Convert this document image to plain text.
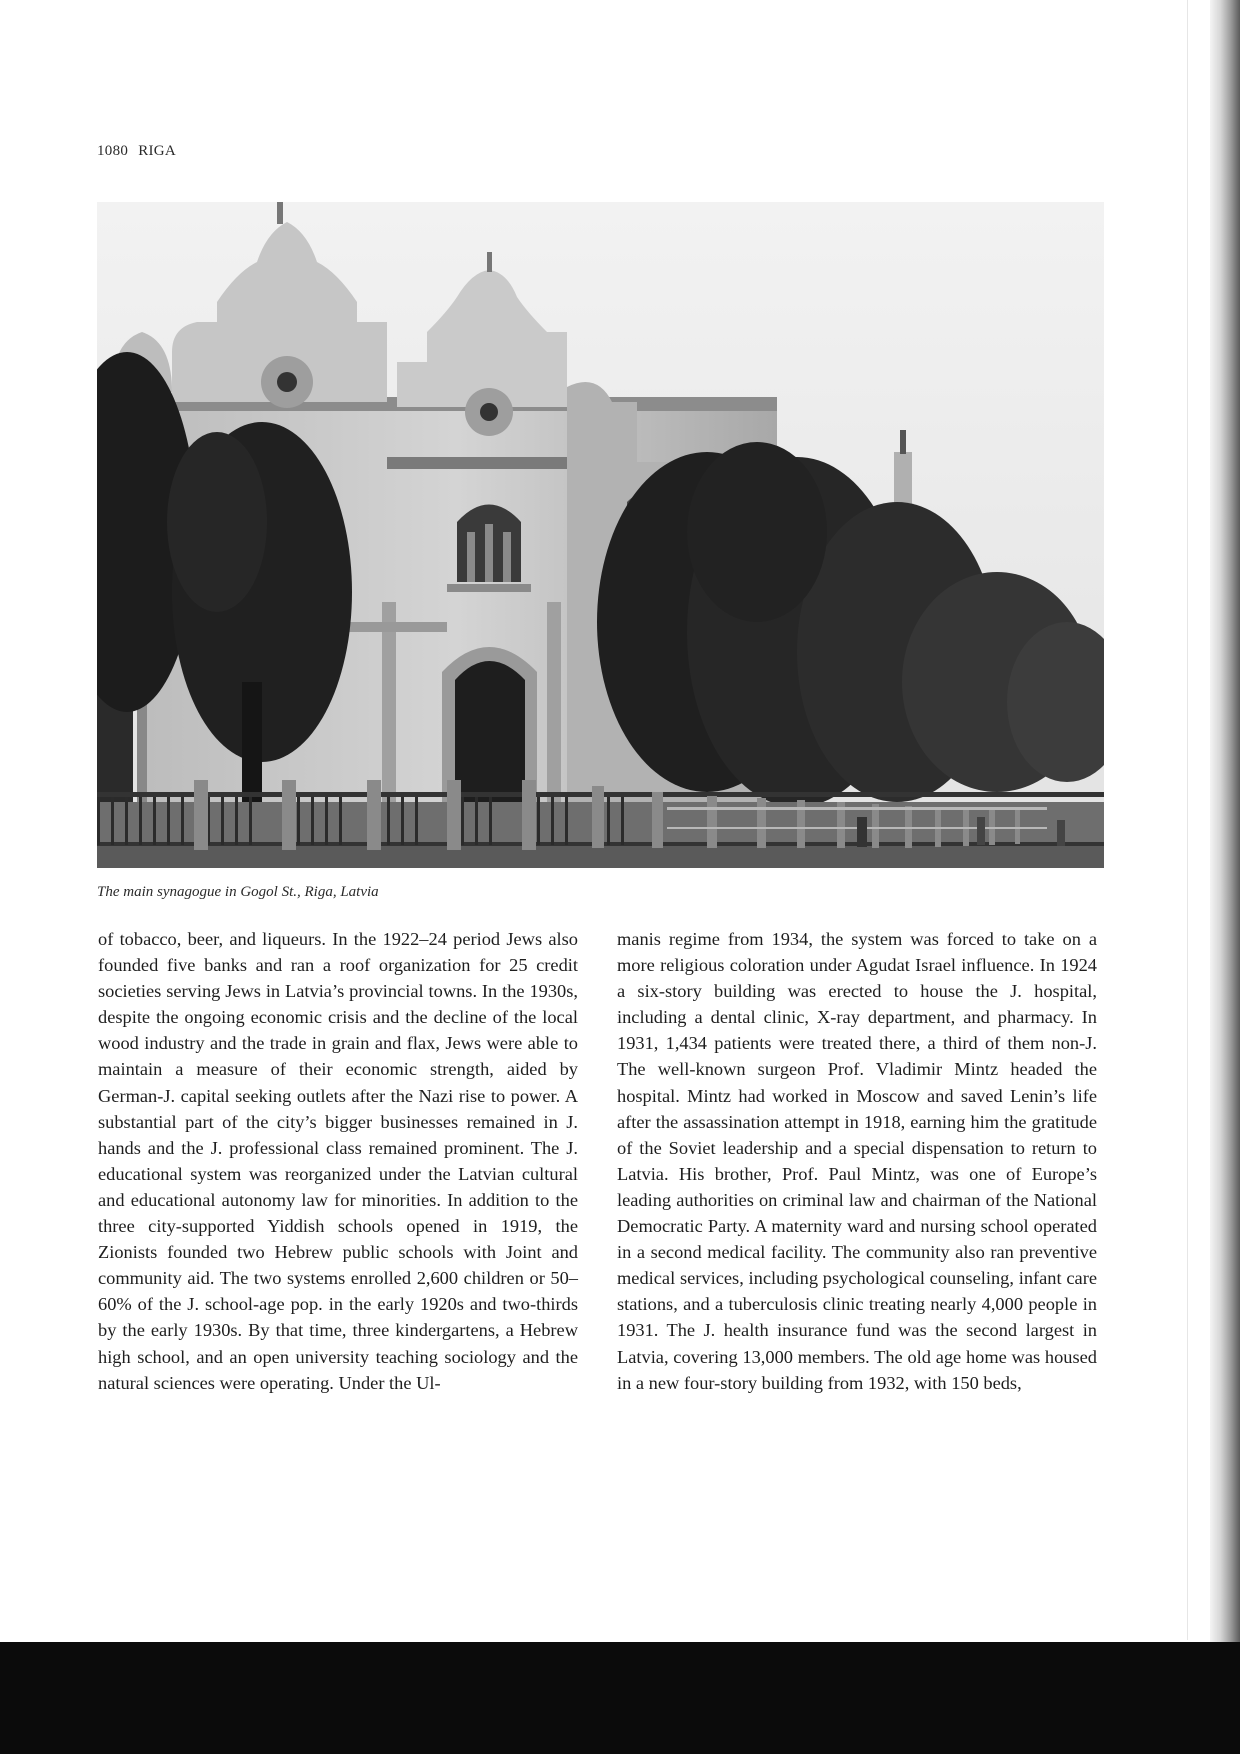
1080 RIGA
The main synagogue in Gogol St., Riga, Latvia
of tobacco, beer, and liqueurs. In the 1922–24 period Jews also founded five banks and ran a roof organization for 25 credit societies serving Jews in Latvia’s provincial towns. In the 1930s, despite the ongoing economic crisis and the decline of the local wood industry and the trade in grain and flax, Jews were able to maintain a measure of their economic strength, aided by German-J. capital seeking outlets after the Nazi rise to power. A substantial part of the city’s bigger businesses remained in J. hands and the J. professional class remained prominent. The J. educational system was reorganized under the Latvian cultural and educational autonomy law for minorities. In addition to the three city-supported Yiddish schools opened in 1919, the Zionists founded two Hebrew public schools with Joint and community aid. The two systems enrolled 2,600 children or 50–60% of the J. school-age pop. in the early 1920s and two-thirds by the early 1930s. By that time, three kindergartens, a Hebrew high school, and an open university teaching sociology and the natural sciences were operating. Under the Ul-
manis regime from 1934, the system was forced to take on a more religious coloration under Agudat Israel influence. In 1924 a six-story building was erected to house the J. hospital, including a dental clinic, X-ray department, and pharmacy. In 1931, 1,434 patients were treated there, a third of them non-J. The well-known surgeon Prof. Vladimir Mintz headed the hospital. Mintz had worked in Moscow and saved Lenin’s life after the assassination attempt in 1918, earning him the gratitude of the Soviet leadership and a special dispensation to return to Latvia. His brother, Prof. Paul Mintz, was one of Europe’s leading authorities on criminal law and chairman of the National Democratic Party. A maternity ward and nursing school operated in a second medical facility. The community also ran preventive medical services, including psychological counseling, infant care stations, and a tuberculosis clinic treating nearly 4,000 people in 1931. The J. health insurance fund was the second largest in Latvia, covering 13,000 members. The old age home was housed in a new four-story building from 1932, with 150 beds,
